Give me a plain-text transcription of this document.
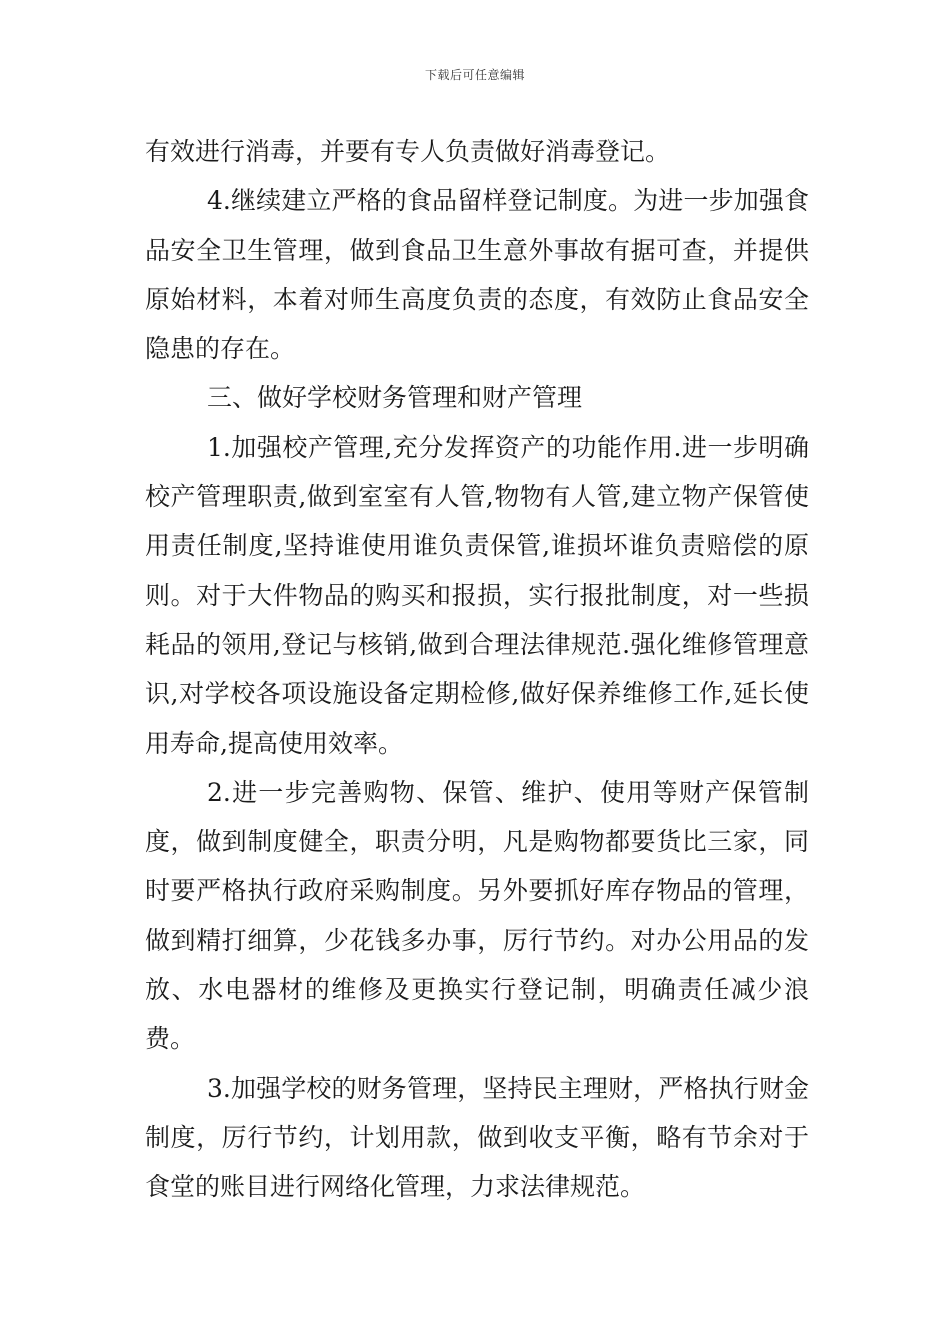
下载后可任意编辑

有效进行消毒，并要有专人负责做好消毒登记。

4.继续建立严格的食品留样登记制度。为进一步加强食品安全卫生管理，做到食品卫生意外事故有据可查，并提供原始材料，本着对师生高度负责的态度，有效防止食品安全隐患的存在。

三、做好学校财务管理和财产管理

1.加强校产管理,充分发挥资产的功能作用.进一步明确校产管理职责,做到室室有人管,物物有人管,建立物产保管使用责任制度,坚持谁使用谁负责保管,谁损坏谁负责赔偿的原则。对于大件物品的购买和报损，实行报批制度，对一些损耗品的领用,登记与核销,做到合理法律规范.强化维修管理意识,对学校各项设施设备定期检修,做好保养维修工作,延长使用寿命,提高使用效率。

2.进一步完善购物、保管、维护、使用等财产保管制度，做到制度健全，职责分明，凡是购物都要货比三家，同时要严格执行政府采购制度。另外要抓好库存物品的管理，做到精打细算，少花钱多办事，厉行节约。对办公用品的发放、水电器材的维修及更换实行登记制，明确责任减少浪费。

3.加强学校的财务管理，坚持民主理财，严格执行财金制度，厉行节约，计划用款，做到收支平衡，略有节余对于食堂的账目进行网络化管理，力求法律规范。
